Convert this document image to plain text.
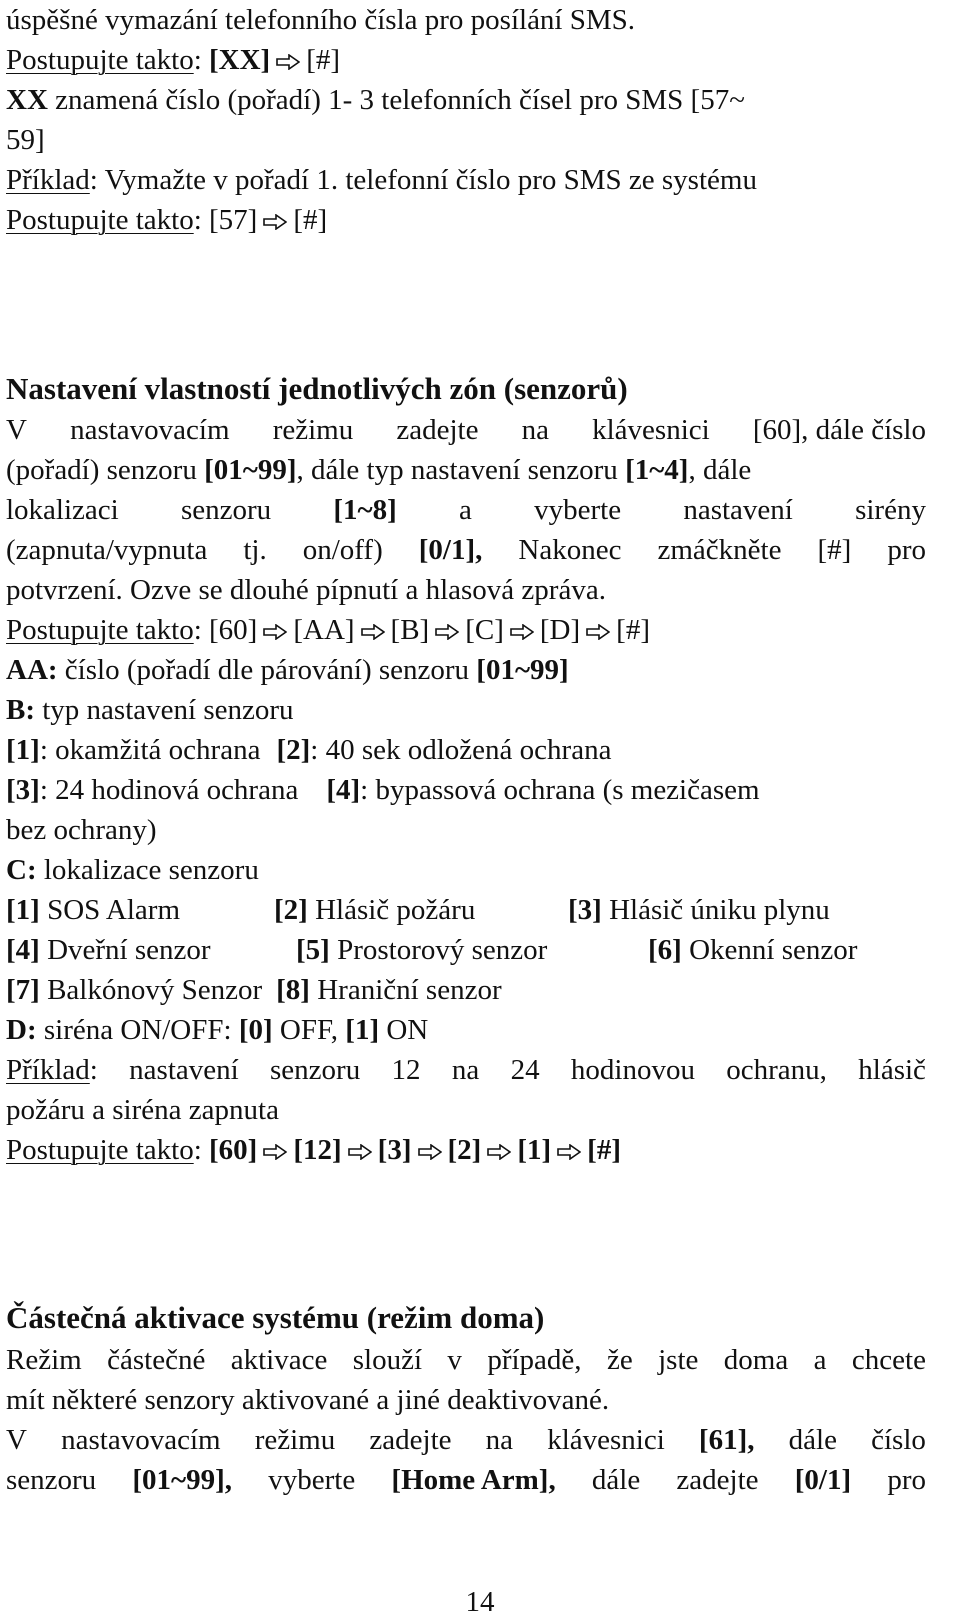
úspěšné vymazání telefonního čísla pro posílání SMS.
Postupujte takto: [XX] [#]
XX znamená číslo (pořadí) 1- 3 telefonních čísel pro SMS [57~
59]
Příklad: Vymažte v pořadí 1. telefonní číslo pro SMS ze systému
Postupujte takto: [57] [#]
Nastavení vlastností jednotlivých zón (senzorů)
V nastavovacím režimu zadejte na klávesnici [60], dále číslo
(pořadí) senzoru [01~99], dále typ nastavení senzoru [1~4], dále
lokalizaci senzoru [1~8] a vyberte nastavení sirény
(zapnuta/vypnuta tj. on/off) [0/1], Nakonec zmáčkněte [#] pro
potvrzení. Ozve se dlouhé pípnutí a hlasová zpráva.
Postupujte takto: [60] [AA] [B] [C] [D] [#]
AA: číslo (pořadí dle párování) senzoru [01~99]
B: typ nastavení senzoru
[1]: okamžitá ochrana [2]: 40 sek odložená ochrana
[3]: 24 hodinová ochrana [4]: bypassová ochrana (s mezičasem
bez ochrany)
C: lokalizace senzoru
[1] SOS Alarm	[2] Hlásič požáru	[3] Hlásič úniku plynu
[4] Dveřní senzor	[5] Prostorový senzor	[6] Okenní senzor
[7] Balkónový Senzor [8] Hraniční senzor
D: siréna ON/OFF: [0] OFF, [1] ON
Příklad: nastavení senzoru 12 na 24 hodinovou ochranu, hlásič
požáru a siréna zapnuta
Postupujte takto: [60] [12] [3] [2] [1] [#]
Částečná aktivace systému (režim doma)
Režim částečné aktivace slouží v případě, že jste doma a chcete
mít některé senzory aktivované a jiné deaktivované.
V nastavovacím režimu zadejte na klávesnici [61], dále číslo
senzoru [01~99], vyberte [Home Arm], dále zadejte [0/1] pro
14
